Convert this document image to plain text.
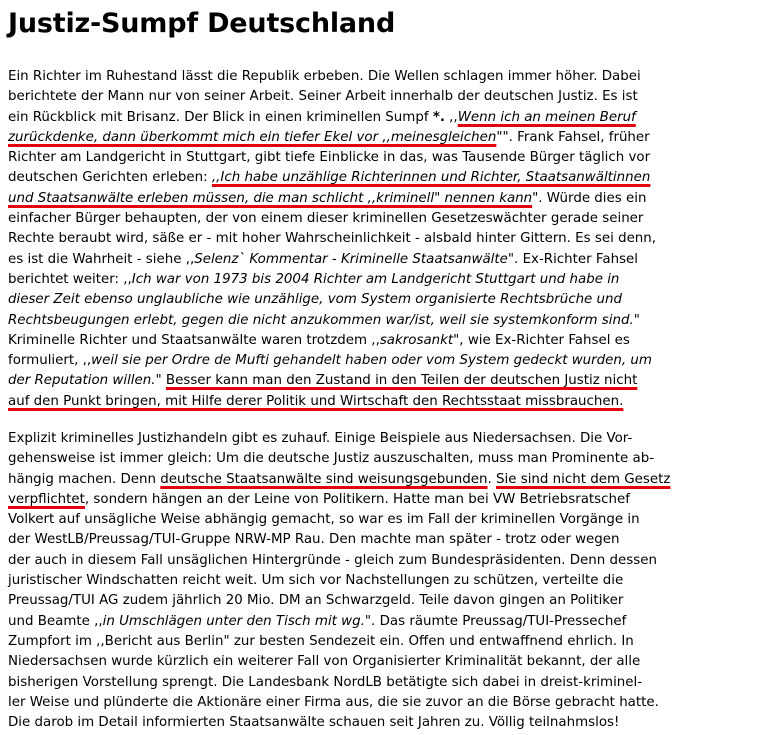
Justiz-Sumpf Deutschland
Ein Richter im Ruhestand lässt die Republik erbeben. Die Wellen schlagen immer höher. Dabei
berichtete der Mann nur von seiner Arbeit. Seiner Arbeit innerhalb der deutschen Justiz. Es ist
ein Rückblick mit Brisanz. Der Blick in einen kriminellen Sumpf *. ,,Wenn ich an meinen Beruf
zurückdenke, dann überkommt mich ein tiefer Ekel vor ,,meinesgleichen"". Frank Fahsel, früher
Richter am Landgericht in Stuttgart, gibt tiefe Einblicke in das, was Tausende Bürger täglich vor
deutschen Gerichten erleben: ,,Ich habe unzählige Richterinnen und Richter, Staatsanwältinnen
und Staatsanwälte erleben müssen, die man schlicht ,,kriminell" nennen kann". Würde dies ein
einfacher Bürger behaupten, der von einem dieser kriminellen Gesetzeswächter gerade seiner
Rechte beraubt wird, säße er - mit hoher Wahrscheinlichkeit - alsbald hinter Gittern. Es sei denn,
es ist die Wahrheit - siehe ,,Selenz` Kommentar - Kriminelle Staatsanwälte". Ex-Richter Fahsel
berichtet weiter: ,,Ich war von 1973 bis 2004 Richter am Landgericht Stuttgart und habe in
dieser Zeit ebenso unglaubliche wie unzählige, vom System organisierte Rechtsbrüche und
Rechtsbeugungen erlebt, gegen die nicht anzukommen war/ist, weil sie systemkonform sind."
Kriminelle Richter und Staatsanwälte waren trotzdem ,,sakrosankt", wie Ex-Richter Fahsel es
formuliert, ,,weil sie per Ordre de Mufti gehandelt haben oder vom System gedeckt wurden, um
der Reputation willen." Besser kann man den Zustand in den Teilen der deutschen Justiz nicht
auf den Punkt bringen, mit Hilfe derer Politik und Wirtschaft den Rechtsstaat missbrauchen.
Explizit kriminelles Justizhandeln gibt es zuhauf. Einige Beispiele aus Niedersachsen. Die Vor-
gehensweise ist immer gleich: Um die deutsche Justiz auszuschalten, muss man Prominente ab-
hängig machen. Denn deutsche Staatsanwälte sind weisungsgebunden. Sie sind nicht dem Gesetz
verpflichtet, sondern hängen an der Leine von Politikern. Hatte man bei VW Betriebsratschef
Volkert auf unsägliche Weise abhängig gemacht, so war es im Fall der kriminellen Vorgänge in
der WestLB/Preussag/TUI-Gruppe NRW-MP Rau. Den machte man später - trotz oder wegen
der auch in diesem Fall unsäglichen Hintergründe - gleich zum Bundespräsidenten. Denn dessen
juristischer Windschatten reicht weit. Um sich vor Nachstellungen zu schützen, verteilte die
Preussag/TUI AG zudem jährlich 20 Mio. DM an Schwarzgeld. Teile davon gingen an Politiker
und Beamte ,,in Umschlägen unter den Tisch mit wg.". Das räumte Preussag/TUI-Pressechef
Zumpfort im ,,Bericht aus Berlin" zur besten Sendezeit ein. Offen und entwaffnend ehrlich. In
Niedersachsen wurde kürzlich ein weiterer Fall von Organisierter Kriminalität bekannt, der alle
bisherigen Vorstellung sprengt. Die Landesbank NordLB betätigte sich dabei in dreist-kriminel-
ler Weise und plünderte die Aktionäre einer Firma aus, die sie zuvor an die Börse gebracht hatte.
Die darob im Detail informierten Staatsanwälte schauen seit Jahren zu. Völlig teilnahmslos!
